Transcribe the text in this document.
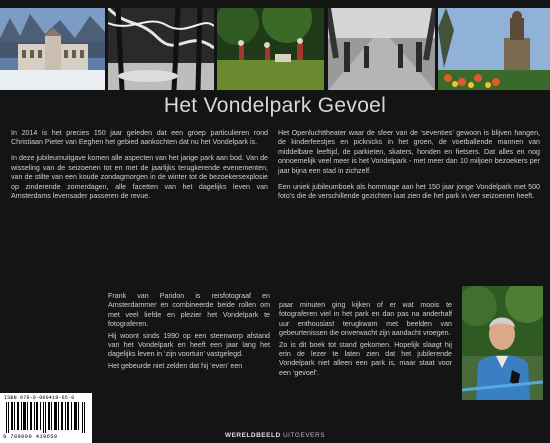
Het Vondelpark Gevoel

In 2014 is het precies 150 jaar geleden dat een groep particulieren rond Christiaan Pieter van Eeghen het gebied aankochten dat nu het Vondelpark is.

In deze jubileumuitgave komen alle aspecten van het jarige park aan bod. Van de wisseling van de seizoenen tot en met de jaarlijks terugkerende evenementen, van de stilte van een koude zondagmorgen in de winter tot de bezoekersexplosie op zinderende zomerdagen, alle facetten van het dagelijks leven van Amsterdams levensader passeren de revue.

Het Openluchttheater waar de sfeer van de ‘seventies’ gewoon is blijven hangen, de kinderfeestjes en picknicks in het groen, de voetballende mannen van middelbare leeftijd, de parkieten, skaters, honden en fietsers. Dat alles en nog onnoemelijk veel meer is het Vondelpark - met meer dan 10 miljoen bezoekers per jaar bijna een stad in zichzelf.

Een uniek jubileumboek als hommage aan het 150 jaar jonge Vondelpark met 500 foto’s die de verschillende gezichten laat zien die het park in vier seizoenen heeft.

Frank van Paridon is reisfotograaf en Amsterdammer en combineerde beide rollen om met veel liefde en plezier het Vondelpark te fotograferen.

Hij woont sinds 1990 op een steenworp afstand van het Vondelpark en heeft een jaar lang het dagelijks leven in ‘zijn voortuin’ vastgelegd.

Het gebeurde niet zelden dat hij ‘even’ een

paar minuten ging kijken of er wat moois te fotograferen viel in het park en dan pas na anderhalf uur enthousiast terugkwam met beelden van gebeurtenissen die onverwacht zijn aandacht vroegen.

Zo is dit boek tot stand gekomen. Hopelijk slaagt hij erin de lezer te laten zien dat het jubilerende Vondelpark niet alleen een park is, maar staat voor een ‘gevoel’.

ISBN 978-9-000419-65-0
9 789000 419650	WERELDBEELD UITGEVERS
